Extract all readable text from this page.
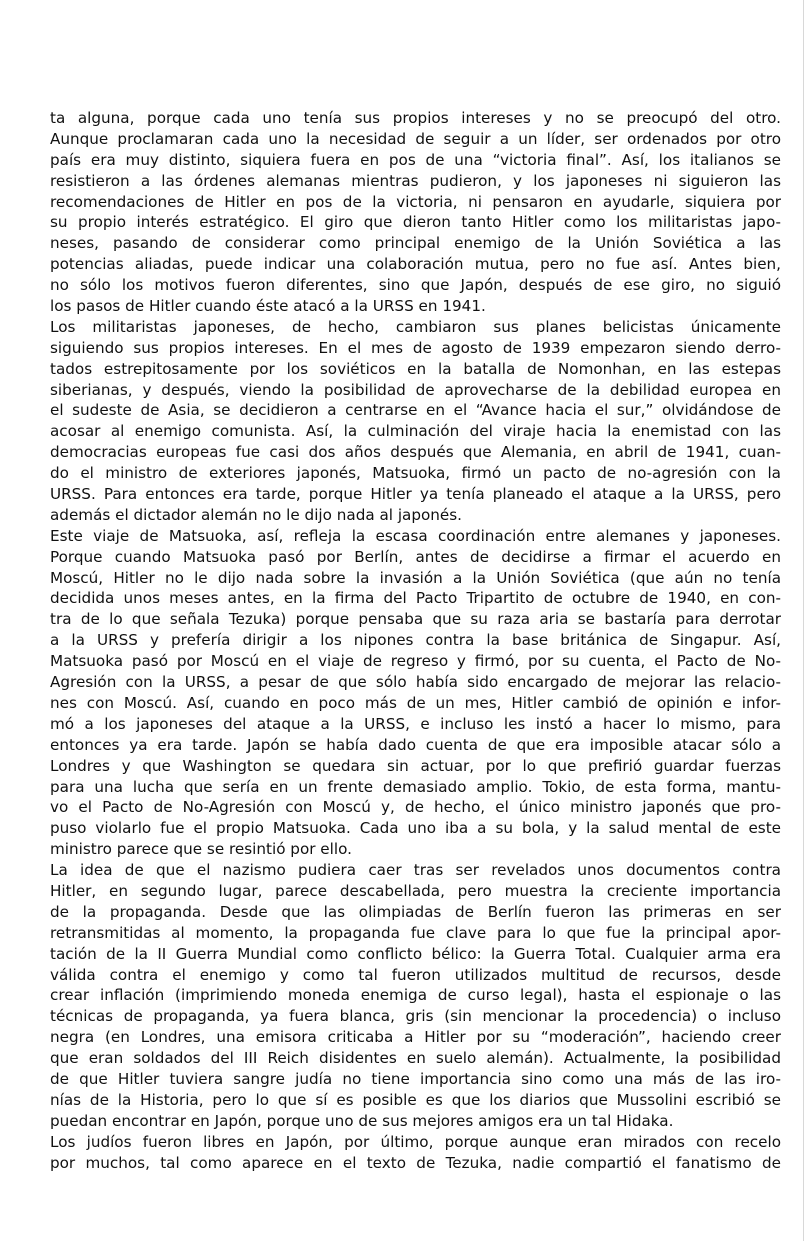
ta alguna, porque cada uno tenía sus propios intereses y no se preocupó del otro.
Aunque proclamaran cada uno la necesidad de seguir a un líder, ser ordenados por otro
país era muy distinto, siquiera fuera en pos de una “victoria final”. Así, los italianos se
resistieron a las órdenes alemanas mientras pudieron, y los japoneses ni siguieron las
recomendaciones de Hitler en pos de la victoria, ni pensaron en ayudarle, siquiera por
su propio interés estratégico. El giro que dieron tanto Hitler como los militaristas japo-
neses, pasando de considerar como principal enemigo de la Unión Soviética a las
potencias aliadas, puede indicar una colaboración mutua, pero no fue así. Antes bien,
no sólo los motivos fueron diferentes, sino que Japón, después de ese giro, no siguió
los pasos de Hitler cuando éste atacó a la URSS en 1941.
Los militaristas japoneses, de hecho, cambiaron sus planes belicistas únicamente
siguiendo sus propios intereses. En el mes de agosto de 1939 empezaron siendo derro-
tados estrepitosamente por los soviéticos en la batalla de Nomonhan, en las estepas
siberianas, y después, viendo la posibilidad de aprovecharse de la debilidad europea en
el sudeste de Asia, se decidieron a centrarse en el “Avance hacia el sur,” olvidándose de
acosar al enemigo comunista. Así, la culminación del viraje hacia la enemistad con las
democracias europeas fue casi dos años después que Alemania, en abril de 1941, cuan-
do el ministro de exteriores japonés, Matsuoka, firmó un pacto de no-agresión con la
URSS. Para entonces era tarde, porque Hitler ya tenía planeado el ataque a la URSS, pero
además el dictador alemán no le dijo nada al japonés.
Este viaje de Matsuoka, así, refleja la escasa coordinación entre alemanes y japoneses.
Porque cuando Matsuoka pasó por Berlín, antes de decidirse a firmar el acuerdo en
Moscú, Hitler no le dijo nada sobre la invasión a la Unión Soviética (que aún no tenía
decidida unos meses antes, en la firma del Pacto Tripartito de octubre de 1940, en con-
tra de lo que señala Tezuka) porque pensaba que su raza aria se bastaría para derrotar
a la URSS y prefería dirigir a los nipones contra la base británica de Singapur. Así,
Matsuoka pasó por Moscú en el viaje de regreso y firmó, por su cuenta, el Pacto de No-
Agresión con la URSS, a pesar de que sólo había sido encargado de mejorar las relacio-
nes con Moscú. Así, cuando en poco más de un mes, Hitler cambió de opinión e infor-
mó a los japoneses del ataque a la URSS, e incluso les instó a hacer lo mismo, para
entonces ya era tarde. Japón se había dado cuenta de que era imposible atacar sólo a
Londres y que Washington se quedara sin actuar, por lo que prefirió guardar fuerzas
para una lucha que sería en un frente demasiado amplio. Tokio, de esta forma, mantu-
vo el Pacto de No-Agresión con Moscú y, de hecho, el único ministro japonés que pro-
puso violarlo fue el propio Matsuoka. Cada uno iba a su bola, y la salud mental de este
ministro parece que se resintió por ello.
La idea de que el nazismo pudiera caer tras ser revelados unos documentos contra
Hitler, en segundo lugar, parece descabellada, pero muestra la creciente importancia
de la propaganda. Desde que las olimpiadas de Berlín fueron las primeras en ser
retransmitidas al momento, la propaganda fue clave para lo que fue la principal apor-
tación de la II Guerra Mundial como conflicto bélico: la Guerra Total. Cualquier arma era
válida contra el enemigo y como tal fueron utilizados multitud de recursos, desde
crear inflación (imprimiendo moneda enemiga de curso legal), hasta el espionaje o las
técnicas de propaganda, ya fuera blanca, gris (sin mencionar la procedencia) o incluso
negra (en Londres, una emisora criticaba a Hitler por su “moderación”, haciendo creer
que eran soldados del III Reich disidentes en suelo alemán). Actualmente, la posibilidad
de que Hitler tuviera sangre judía no tiene importancia sino como una más de las iro-
nías de la Historia, pero lo que sí es posible es que los diarios que Mussolini escribió se
puedan encontrar en Japón, porque uno de sus mejores amigos era un tal Hidaka.
Los judíos fueron libres en Japón, por último, porque aunque eran mirados con recelo
por muchos, tal como aparece en el texto de Tezuka, nadie compartió el fanatismo de
